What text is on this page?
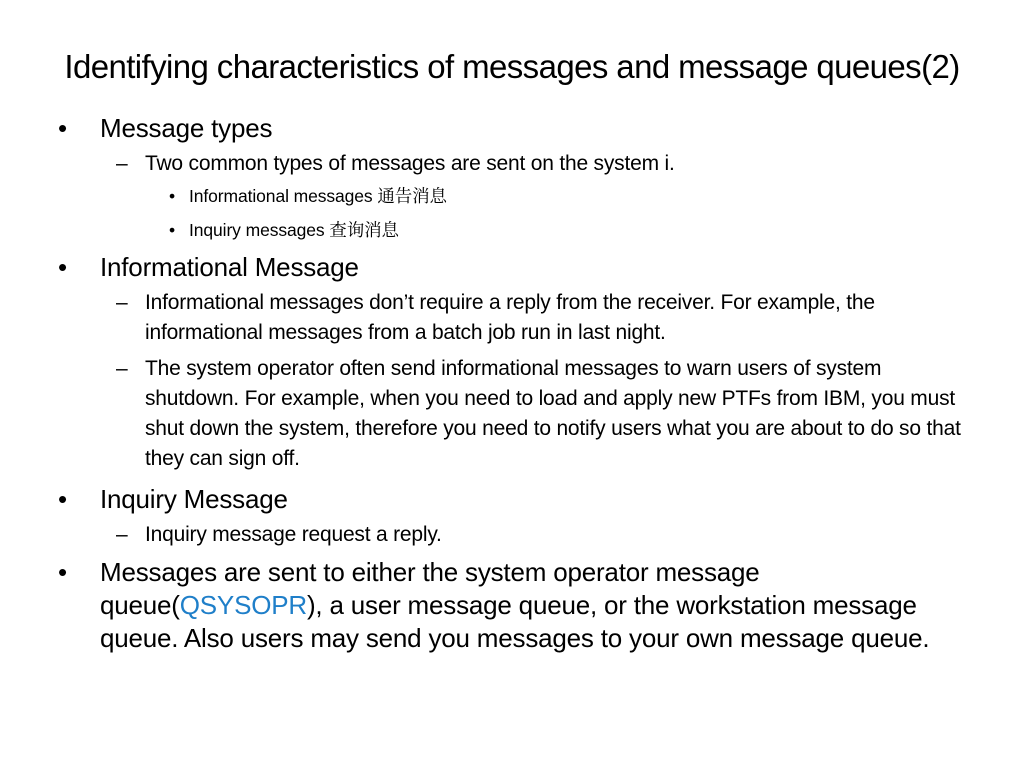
Identifying characteristics of messages and message queues(2)
• Message types
– Two common types of messages are sent on the system i.
• Informational messages 通告消息
• Inquiry messages 查询消息
• Informational Message
– Informational messages don’t require a reply from the receiver. For example, the informational messages from a batch job run in last night.
– The system operator often send informational messages to warn users of system shutdown. For example, when you need to load and apply new PTFs from IBM, you must shut down the system, therefore you need to notify users what you are about to do so that they can sign off.
• Inquiry Message
– Inquiry message request a reply.
• Messages are sent to either the system operator message queue(QSYSOPR), a user message queue, or the workstation message queue. Also users may send you messages to your own message queue.
